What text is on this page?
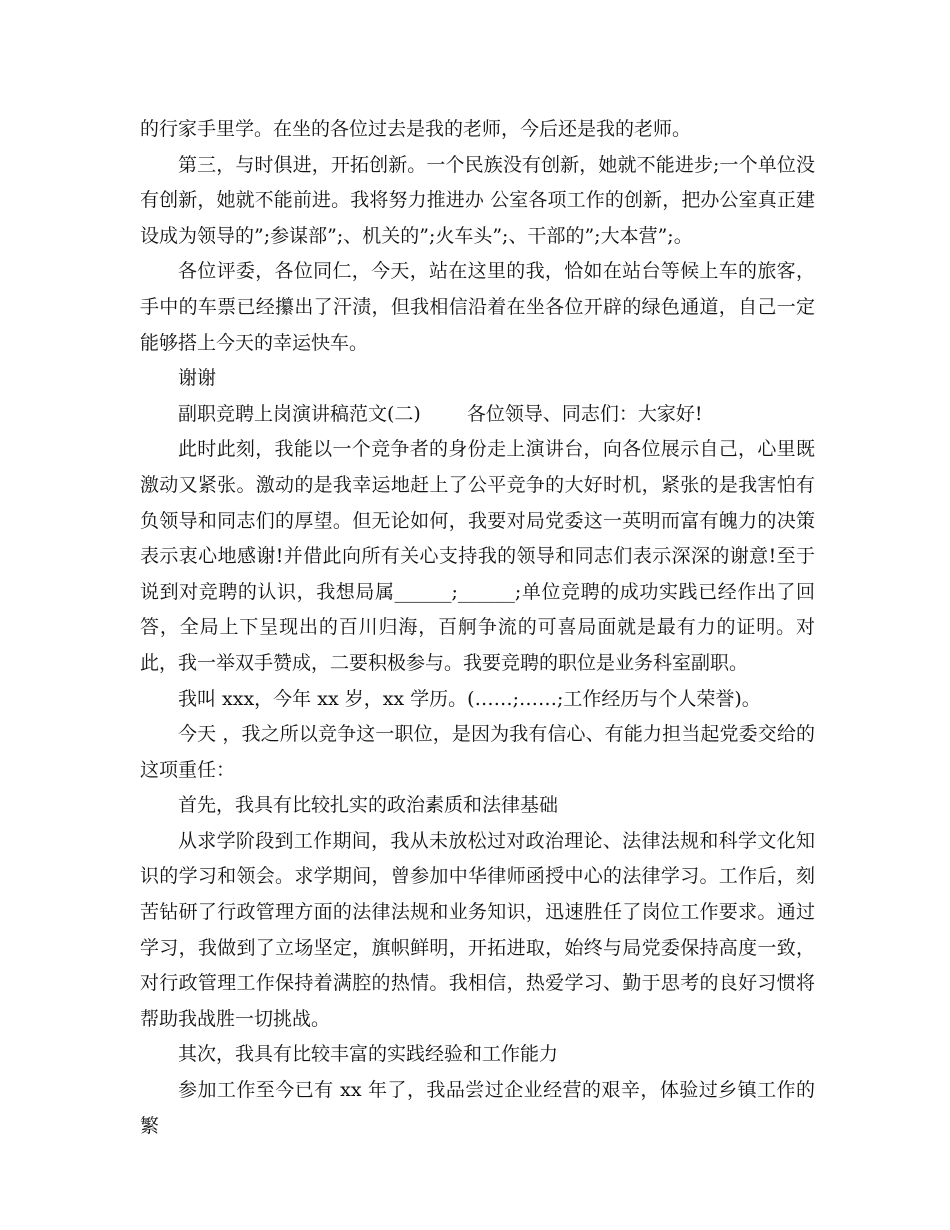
的行家手里学。在坐的各位过去是我的老师，今后还是我的老师。

第三，与时俱进，开拓创新。一个民族没有创新，她就不能进步;一个单位没有创新，她就不能前进。我将努力推进办 公室各项工作的创新，把办公室真正建设成为领导的”;参谋部”;、机关的”;火车头”;、干部的”;大本营”;。

各位评委，各位同仁，今天，站在这里的我，恰如在站台等候上车的旅客，手中的车票已经攥出了汗渍，但我相信沿着在坐各位开辟的绿色通道，自己一定能够搭上今天的幸运快车。

谢谢

副职竞聘上岗演讲稿范文(二) 各位领导、同志们：大家好!

此时此刻，我能以一个竞争者的身份走上演讲台，向各位展示自己，心里既激动又紧张。激动的是我幸运地赶上了公平竞争的大好时机，紧张的是我害怕有负领导和同志们的厚望。但无论如何，我要对局党委这一英明而富有魄力的决策表示衷心地感谢!并借此向所有关心支持我的领导和同志们表示深深的谢意!至于说到对竞聘的认识，我想局属______;______;单位竞聘的成功实践已经作出了回答，全局上下呈现出的百川归海，百舸争流的可喜局面就是最有力的证明。对此，我一举双手赞成，二要积极参与。我要竞聘的职位是业务科室副职。

我叫 xxx，今年 xx 岁，xx 学历。(……;……;工作经历与个人荣誉)。

今天 ，我之所以竞争这一职位，是因为我有信心、有能力担当起党委交给的这项重任：

首先，我具有比较扎实的政治素质和法律基础

从求学阶段到工作期间，我从未放松过对政治理论、法律法规和科学文化知识的学习和领会。求学期间，曾参加中华律师函授中心的法律学习。工作后，刻苦钻研了行政管理方面的法律法规和业务知识，迅速胜任了岗位工作要求。通过学习，我做到了立场坚定，旗帜鲜明，开拓进取，始终与局党委保持高度一致，对行政管理工作保持着满腔的热情。我相信，热爱学习、勤于思考的良好习惯将帮助我战胜一切挑战。

其次，我具有比较丰富的实践经验和工作能力

参加工作至今已有 xx 年了，我品尝过企业经营的艰辛，体验过乡镇工作的繁
